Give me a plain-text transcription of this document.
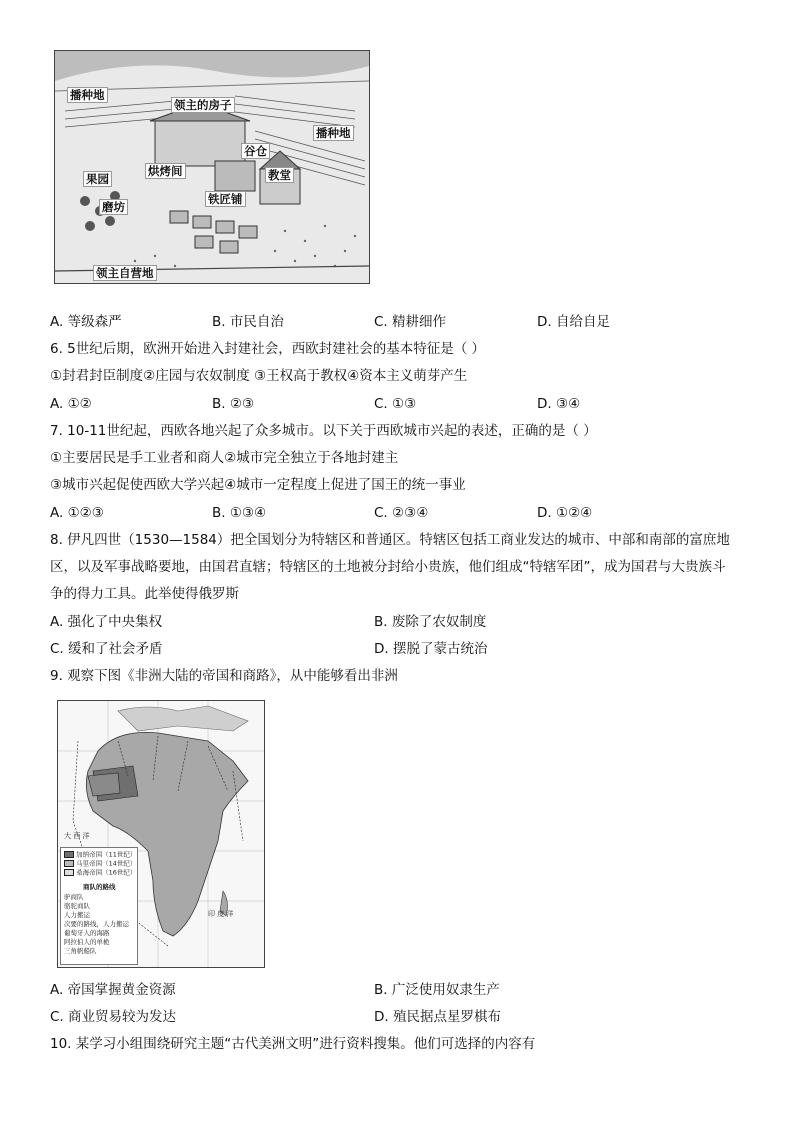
播种地
领主的房子
播种地
谷仓
果园
烘烤间	教堂
磨坊
铁匠铺
领主自营地
A. 等级森严	B. 市民自治	C. 精耕细作	D. 自给自足
6. 5世纪后期，欧洲开始进入封建社会，西欧封建社会的基本特征是（ ）
①封君封臣制度②庄园与农奴制度 ③王权高于教权④资本主义萌芽产生
A. ①②	B. ②③	C. ①③	D. ③④
7. 10-11世纪起，西欧各地兴起了众多城市。以下关于西欧城市兴起的表述，正确的是（ ）
①主要居民是手工业者和商人②城市完全独立于各地封建主
③城市兴起促使西欧大学兴起④城市一定程度上促进了国王的统一事业
A. ①②③	B. ①③④	C. ②③④	D. ①②④
8. 伊凡四世（1530—1584）把全国划分为特辖区和普通区。特辖区包括工商业发达的城市、中部和南部的富庶地
区，以及军事战略要地，由国君直辖；特辖区的土地被分封给小贵族，他们组成“特辖军团”，成为国君与大贵族斗
争的得力工具。此举使得俄罗斯
A. 强化了中央集权	B. 废除了农奴制度
C. 缓和了社会矛盾	D. 摆脱了蒙古统治
9. 观察下图《非洲大陆的帝国和商路》，从中能够看出非洲
大 西 洋
印 度 洋
加纳帝国（11世纪）
马里帝国（14世纪）
桑海帝国（16世纪）
商队的路线
驴商队
骆驼商队
人力搬运
次要的路线，人力搬运
葡萄牙人的海路
阿拉伯人的单桅
三角帆船队
A. 帝国掌握黄金资源	B. 广泛使用奴隶生产
C. 商业贸易较为发达	D. 殖民据点星罗棋布
10. 某学习小组围绕研究主题“古代美洲文明”进行资料搜集。他们可选择的内容有
